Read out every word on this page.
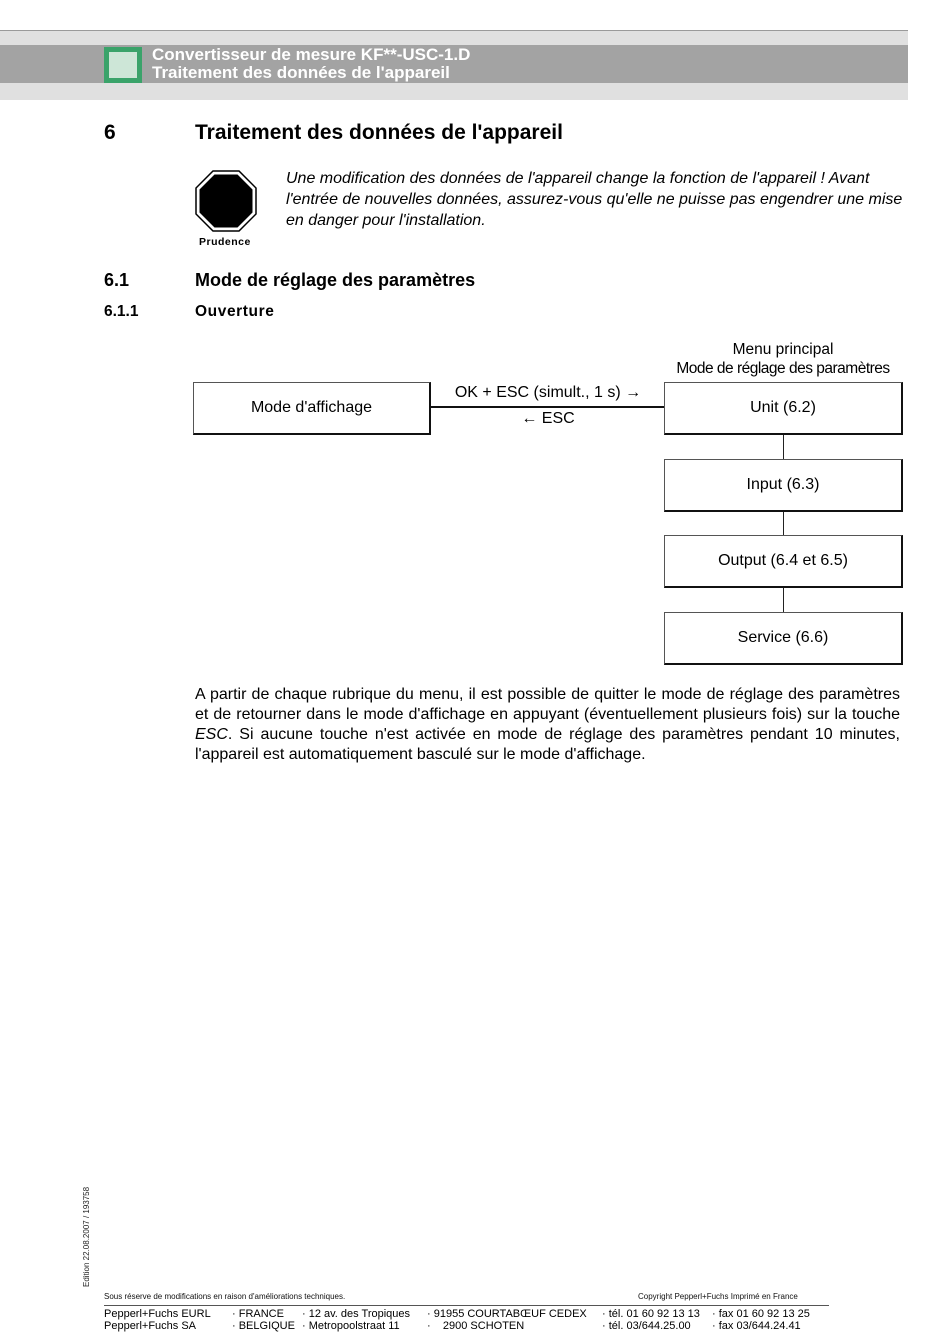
Convertisseur de mesure KF**-USC-1.D
Traitement des données de l'appareil
6	Traitement des données de l'appareil
Prudence
Une modification des données de l'appareil change la fonction de l'appareil ! Avant l'entrée de nouvelles données, assurez-vous qu'elle ne puisse pas engendrer une mise en danger pour l'installation.
6.1	Mode de réglage des paramètres
6.1.1	Ouverture
Menu principal
Mode de réglage des paramètres
Mode d'affichage
OK + ESC (simult., 1 s) →
← ESC
Unit (6.2)
Input (6.3)
Output (6.4 et 6.5)
Service (6.6)
A partir de chaque rubrique du menu, il est possible de quitter le mode de réglage des paramètres et de retourner dans le mode d'affichage en appuyant (éventuellement plusieurs fois) sur la touche ESC. Si aucune touche n'est activée en mode de réglage des paramètres pendant 10 minutes, l'appareil est automatiquement basculé sur le mode d'affichage.
Edition 22.08.2007 / 193758
Sous réserve de modifications en raison d'améliorations techniques.	Copyright Pepperl+Fuchs Imprimé en France
Pepperl+Fuchs EURL	· FRANCE	· 12 av. des Tropiques	· 91955 COURTABŒUF CEDEX	· tél. 01 60 92 13 13	· fax 01 60 92 13 25
Pepperl+Fuchs SA	· BELGIQUE · Metropoolstraat 11	·    2900 SCHOTEN	· tél. 03/644.25.00	· fax 03/644.24.41
